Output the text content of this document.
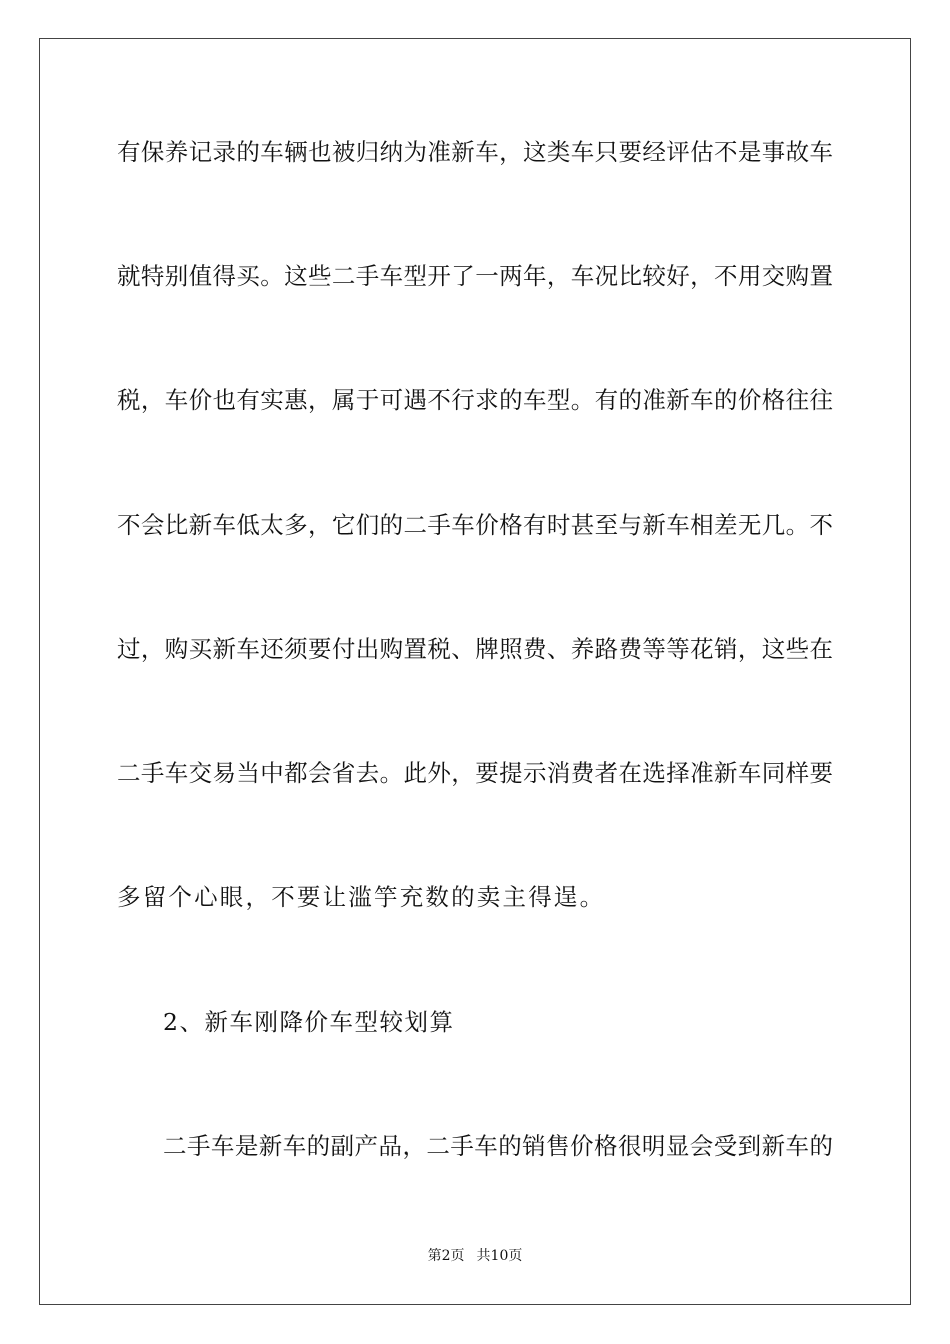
有保养记录的车辆也被归纳为准新车，这类车只要经评估不是事故车
就特别值得买。这些二手车型开了一两年，车况比较好，不用交购置
税，车价也有实惠，属于可遇不行求的车型。有的准新车的价格往往
不会比新车低太多，它们的二手车价格有时甚至与新车相差无几。不
过，购买新车还须要付出购置税、牌照费、养路费等等花销，这些在
二手车交易当中都会省去。此外，要提示消费者在选择准新车同样要
多留个心眼，不要让滥竽充数的卖主得逞。
2、新车刚降价车型较划算
二手车是新车的副产品，二手车的销售价格很明显会受到新车的
第2页 共10页
